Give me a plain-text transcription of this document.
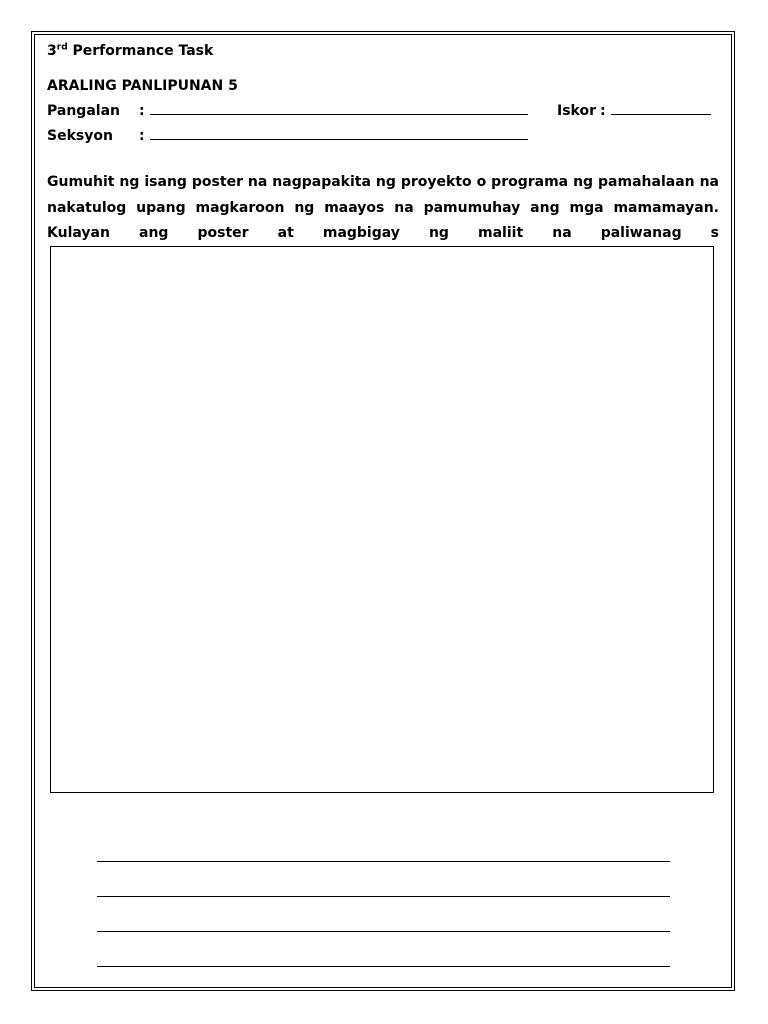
3rd Performance Task
ARALING PANLIPUNAN 5
Pangalan :	Iskor :
Seksyon :
Gumuhit ng isang poster na nagpapakita ng proyekto o programa ng pamahalaan na nakatulog upang magkaroon ng maayos na pamumuhay ang mga mamamayan. Kulayan ang poster at magbigay ng maliit na paliwanag s
